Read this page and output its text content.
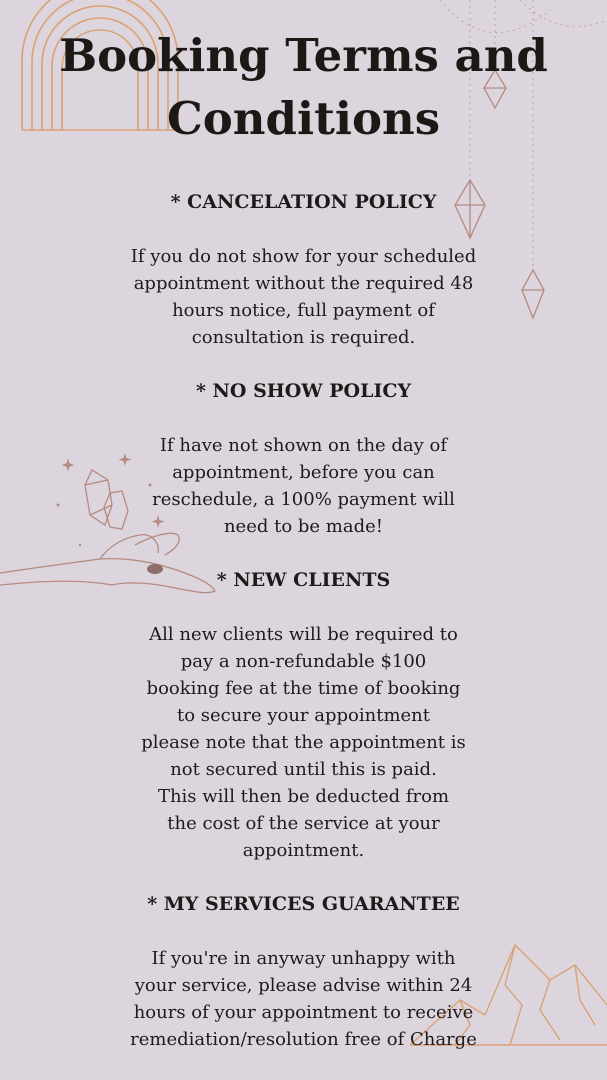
Booking Terms and
Conditions
* CANCELATION POLICY
If you do not show for your scheduled
appointment without the required 48
hours notice, full payment of
consultation is required.
* NO SHOW POLICY
If have not shown on the day of
appointment, before you can
reschedule, a 100% payment will
need to be made!
* NEW CLIENTS
All new clients will be required to
pay a non-refundable $100
booking fee at the time of booking
to secure your appointment
please note that the appointment is
not secured until this is paid.
This will then be deducted from
the cost of the service at your
appointment.
* MY SERVICES GUARANTEE
If you're in anyway unhappy with
your service, please advise within 24
hours of your appointment to receive
remediation/resolution free of Charge
